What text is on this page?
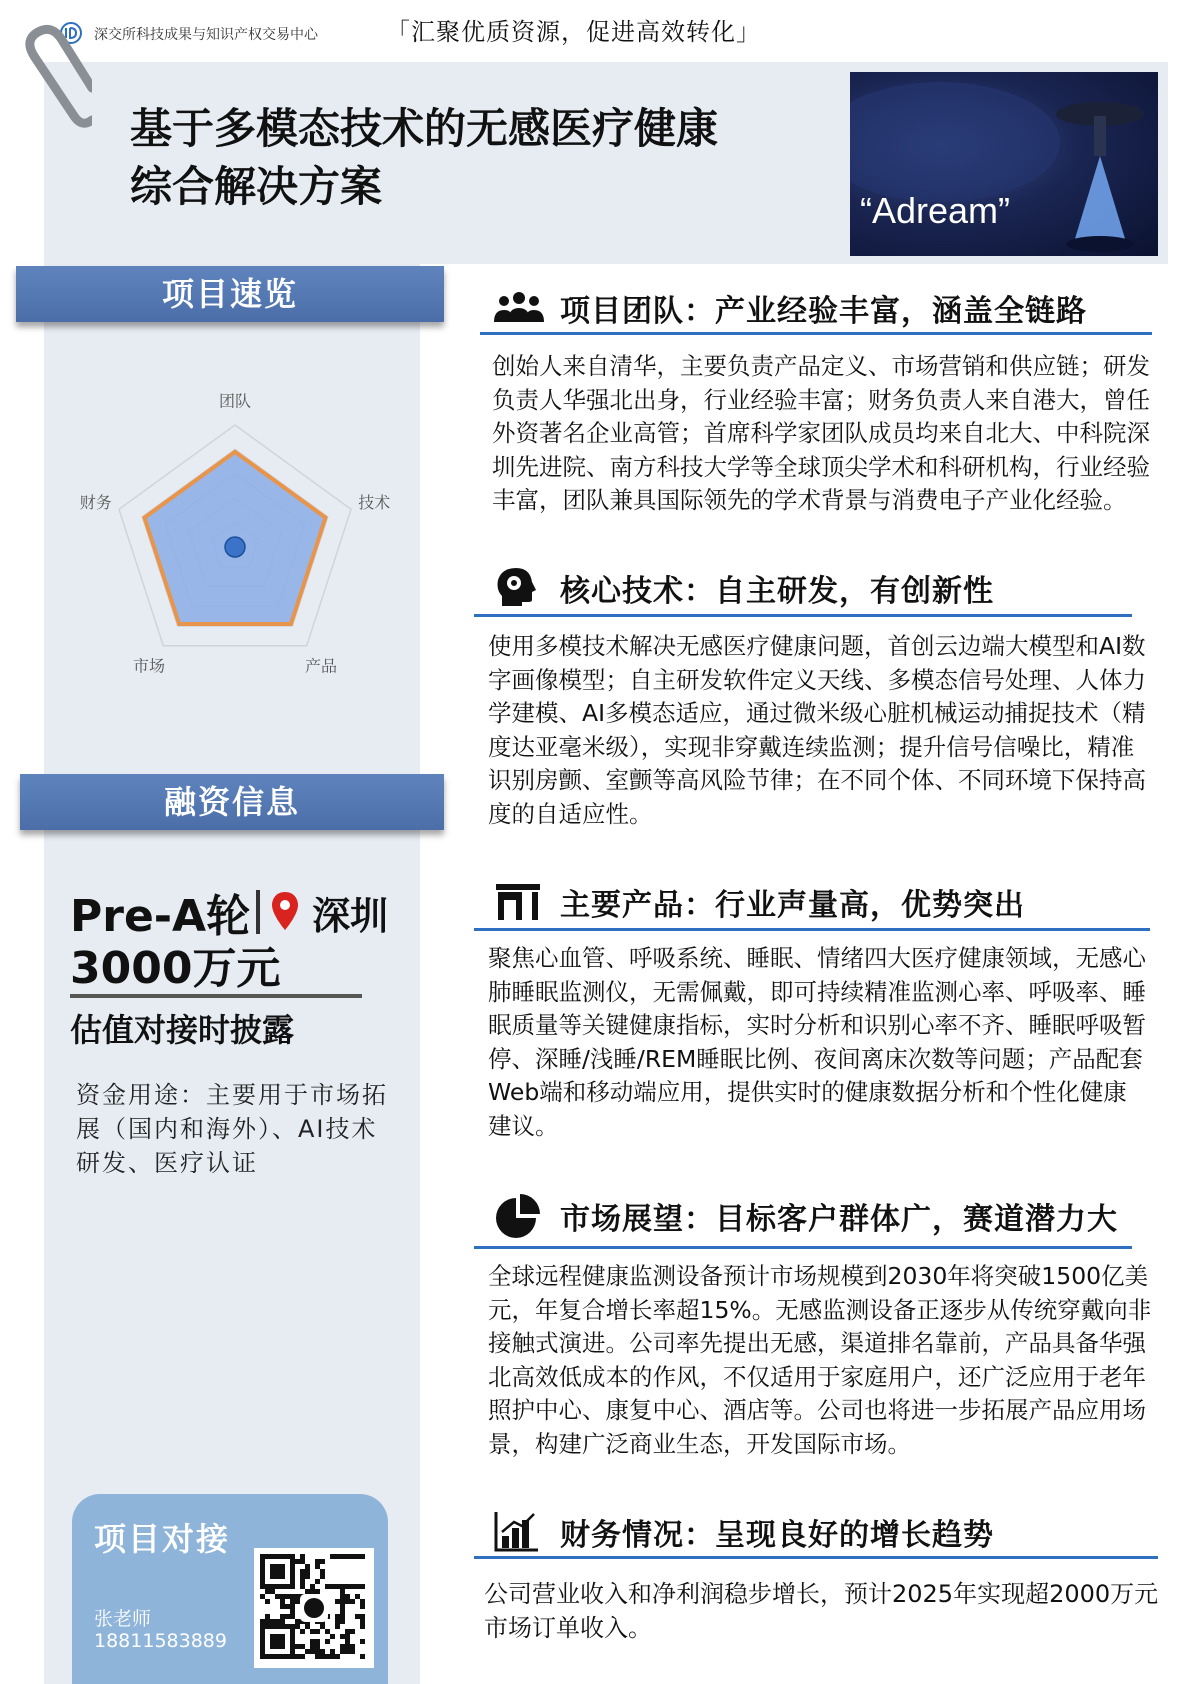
深交所科技成果与知识产权交易中心	「汇聚优质资源，促进高效转化」
基于多模态技术的无感医疗健康
综合解决方案	“Adream”
项目速览
团队
技术
产品
市场
财务
融资信息
Pre-A轮 深圳
3000万元
估值对接时披露
资金用途：主要用于市场拓展（国内和海外）、AI技术研发、医疗认证
项目对接
张老师
18811583889
项目团队：产业经验丰富，涵盖全链路
创始人来自清华，主要负责产品定义、市场营销和供应链；研发负责人华强北出身，行业经验丰富；财务负责人来自港大，曾任外资著名企业高管；首席科学家团队成员均来自北大、中科院深圳先进院、南方科技大学等全球顶尖学术和科研机构，行业经验丰富，团队兼具国际领先的学术背景与消费电子产业化经验。
核心技术：自主研发，有创新性
使用多模技术解决无感医疗健康问题，首创云边端大模型和AI数字画像模型；自主研发软件定义天线、多模态信号处理、人体力学建模、AI多模态适应，通过微米级心脏机械运动捕捉技术（精度达亚毫米级），实现非穿戴连续监测；提升信号信噪比，精准识别房颤、室颤等高风险节律；在不同个体、不同环境下保持高度的自适应性。
主要产品：行业声量高，优势突出
聚焦心血管、呼吸系统、睡眠、情绪四大医疗健康领域，无感心肺睡眠监测仪，无需佩戴，即可持续精准监测心率、呼吸率、睡眠质量等关键健康指标，实时分析和识别心率不齐、睡眠呼吸暂停、深睡/浅睡/REM睡眠比例、夜间离床次数等问题；产品配套Web端和移动端应用，提供实时的健康数据分析和个性化健康建议。
市场展望：目标客户群体广，赛道潜力大
全球远程健康监测设备预计市场规模到2030年将突破1500亿美元，年复合增长率超15%。无感监测设备正逐步从传统穿戴向非接触式演进。公司率先提出无感，渠道排名靠前，产品具备华强北高效低成本的作风，不仅适用于家庭用户，还广泛应用于老年照护中心、康复中心、酒店等。公司也将进一步拓展产品应用场景，构建广泛商业生态，开发国际市场。
财务情况：呈现良好的增长趋势
公司营业收入和净利润稳步增长，预计2025年实现超2000万元市场订单收入。
